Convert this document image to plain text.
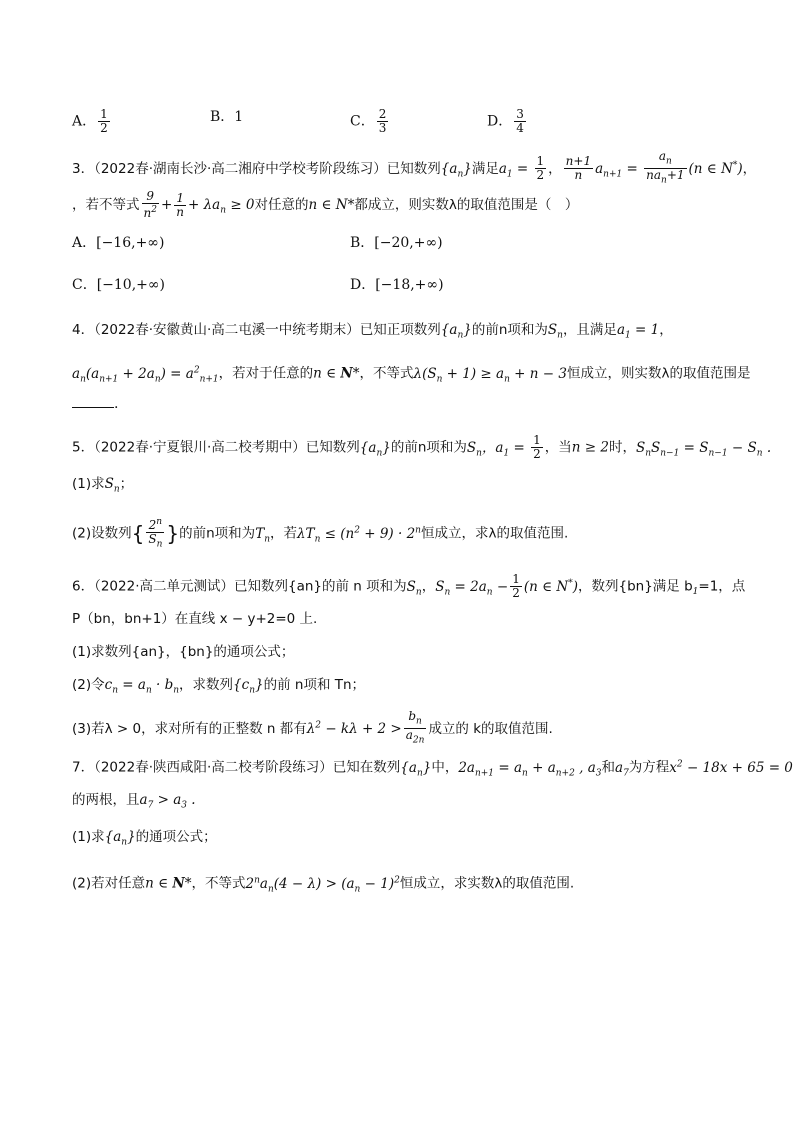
A． $\frac{1}{2}$	B．1	C． $\frac{2}{3}$	D． $\frac{3}{4}$
3．（2022春·湖南长沙·高二湘府中学校考阶段练习）已知数列$\{a_n\}$满足$a_1 = \frac{1}{2}$ ， $\frac{n+1}{n} a_{n+1} = \frac{a_n}{na_n+1} (n$ ∈ N*)，
，若不等式 $\frac{9}{n^2} + \frac{1}{n} + \lambda a_n \ge 0$对任意的n ∈ N*都成立，则实数λ的取值范围是（　）
A．[−16,+∞)	B．[−20,+∞)
C．[−10,+∞)	D．[−18,+∞)
4．（2022春·安徽黄山·高二屯溪一中统考期末）已知正项数列$\{a_n\}$的前n项和为$S_n$，且满足$a_1 = 1$，
$a_n(a_{n+1} + 2a_n) = a^2_{n+1}$，若对于任意的n ∈ N*，不等式$\lambda(S_n + 1) \ge a_n + n - 3$恒成立，则实数λ的取值范围是
.
5．（2022春·宁夏银川·高二校考期中）已知数列$\{a_n\}$的前n项和为$S_n$，$a_1 = \frac{1}{2}$ ，当n ≥ 2时，$S_nS_{n-1} = S_{n-1} - S_n$ .
(1)求$S_n$；
(2)设数列{ $\frac{2^n}{S_n}$ }的前n项和为$T_n$，若$\lambda T_n \le (n^2 + 9) \cdot 2^n$恒成立，求λ的取值范围.
6．（2022·高二单元测试）已知数列{an}的前 n 项和为$S_n$，$S_n = 2a_n - \frac{1}{2} (n$ ∈ N*)，数列{bn}满足 $b_1=1$，点
P（bn，bn+1）在直线 x − y+2=0 上.
(1)求数列{an}，{bn}的通项公式；
(2)令$c_n = a_n \cdot b_n$，求数列$\{c_n\}$的前 n项和 Tn；
(3)若λ > 0，求对所有的正整数 n 都有$\lambda^2 - k\lambda + 2 > \frac{b_n}{a_{2n}}$ 成立的 k的取值范围.
7．（2022春·陕西咸阳·高二校考阶段练习）已知在数列$\{a_n\}$中，$2a_{n+1} = a_n + a_{n+2}$ , $a_3$和$a_7$为方程$x^2 - 18x + 65 = 0$
的两根，且$a_7 > a_3$ .
(1)求$\{a_n\}$的通项公式；
(2)若对任意n ∈ N*，不等式$2^na_n(4 - \lambda) > (a_n - 1)^2$恒成立，求实数λ的取值范围.
